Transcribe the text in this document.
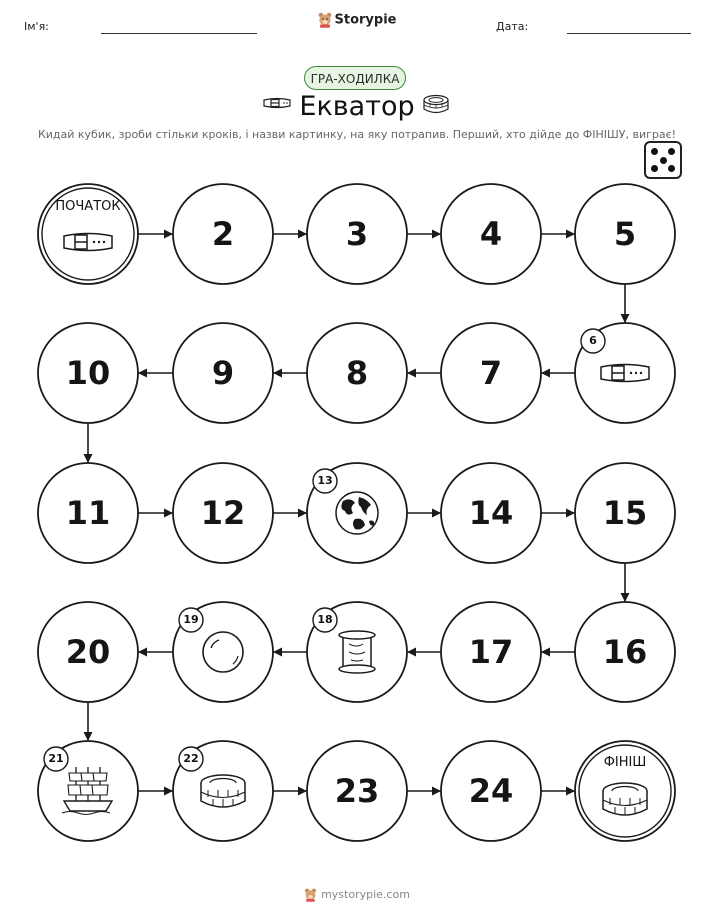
Ім'я:	Дата:
Storypie
ГРА-ХОДИЛКА
Екватор
Кидай кубик, зроби стільки кроків, і назви картинку, на яку потрапив. Перший, хто дійде до ФІНІШУ, виграє!
ПОЧАТОК
2	3	4	5
6
7
8
9
10
11	12
13
14	15
16
17
18
19
20
21	22
23	24
ФІНІШ
mystorypie.com
